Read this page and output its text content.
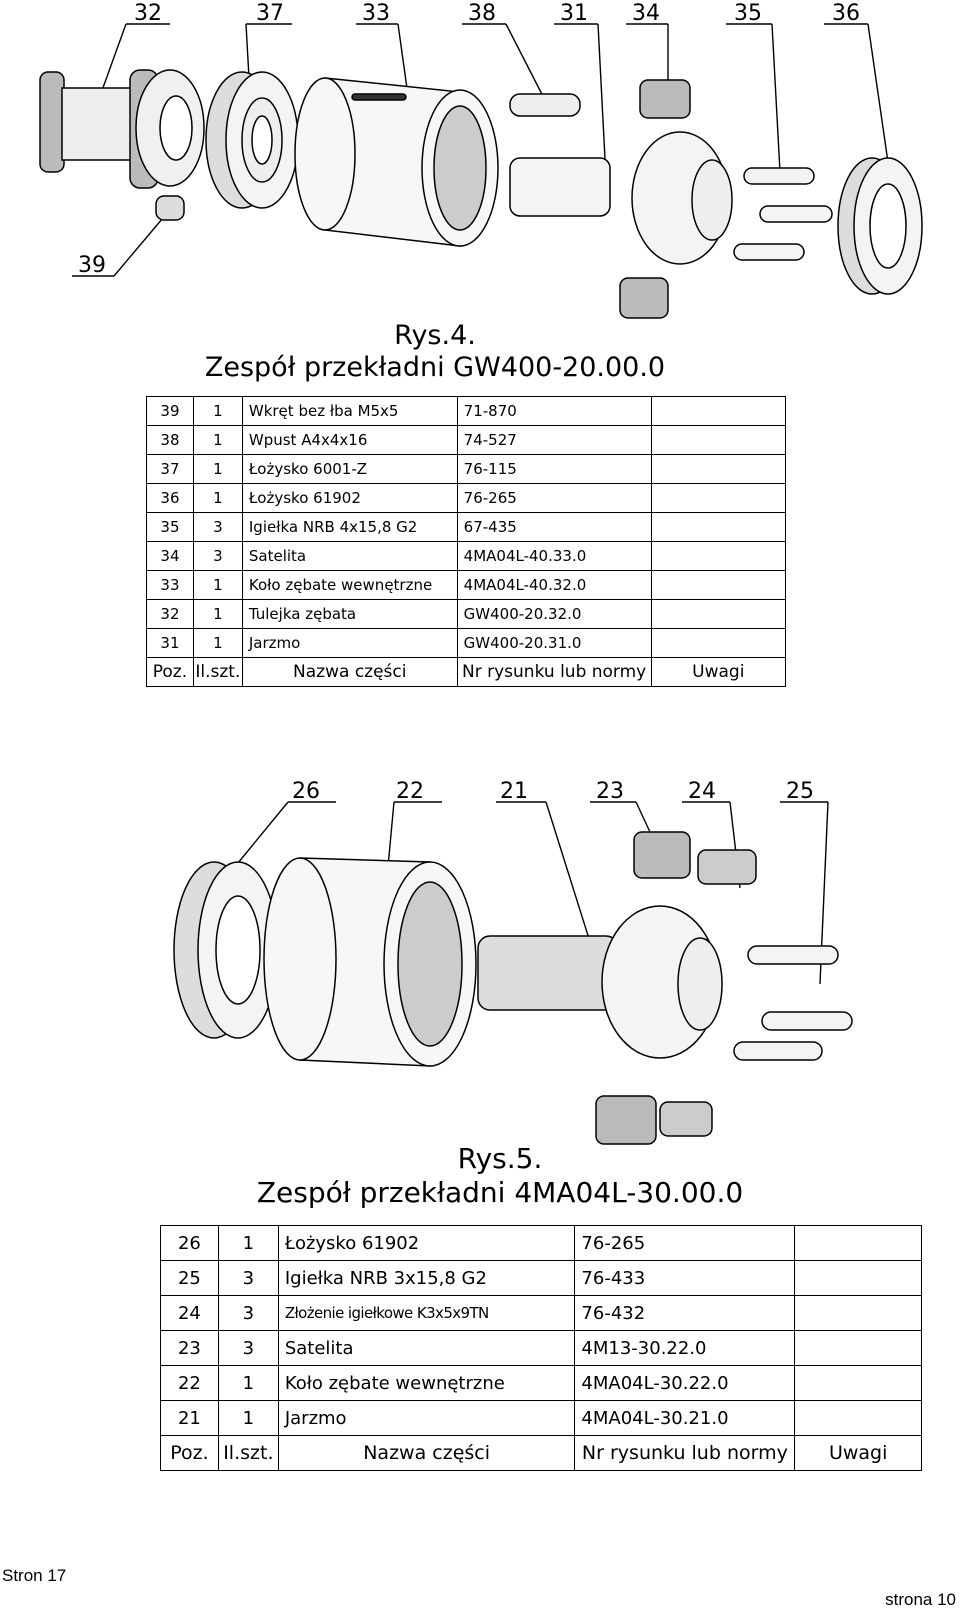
32	37	33	38	31 34	35	36
39
Rys.4.
Zespół przekładni GW400-20.00.0
39	1	Wkręt bez łba M5x5	71-870	
38	1	Wpust A4x4x16	74-527	
37	1	Łożysko 6001-Z	76-115	
36	1	Łożysko 61902	76-265	
35	3	Igiełka NRB 4x15,8 G2	67-435	
34	3	Satelita	4MA04L-40.33.0	
33	1	Koło zębate wewnętrzne	4MA04L-40.32.0	
32	1	Tulejka zębata	GW400-20.32.0	
31	1	Jarzmo	GW400-20.31.0	
Poz.	Il.szt.	Nazwa części	Nr rysunku lub normy	Uwagi
26	22	21	23	24	25
Rys.5.
Zespół przekładni 4MA04L-30.00.0
26	1	Łożysko 61902	76-265	
25	3	Igiełka NRB 3x15,8 G2	76-433	
24	3	Złożenie igiełkowe K3x5x9TN	76-432	
23	3	Satelita	4M13-30.22.0	
22	1	Koło zębate wewnętrzne	4MA04L-30.22.0	
21	1	Jarzmo	4MA04L-30.21.0	
Poz.	Il.szt.	Nazwa części	Nr rysunku lub normy	Uwagi
Stron 17
strona 10
